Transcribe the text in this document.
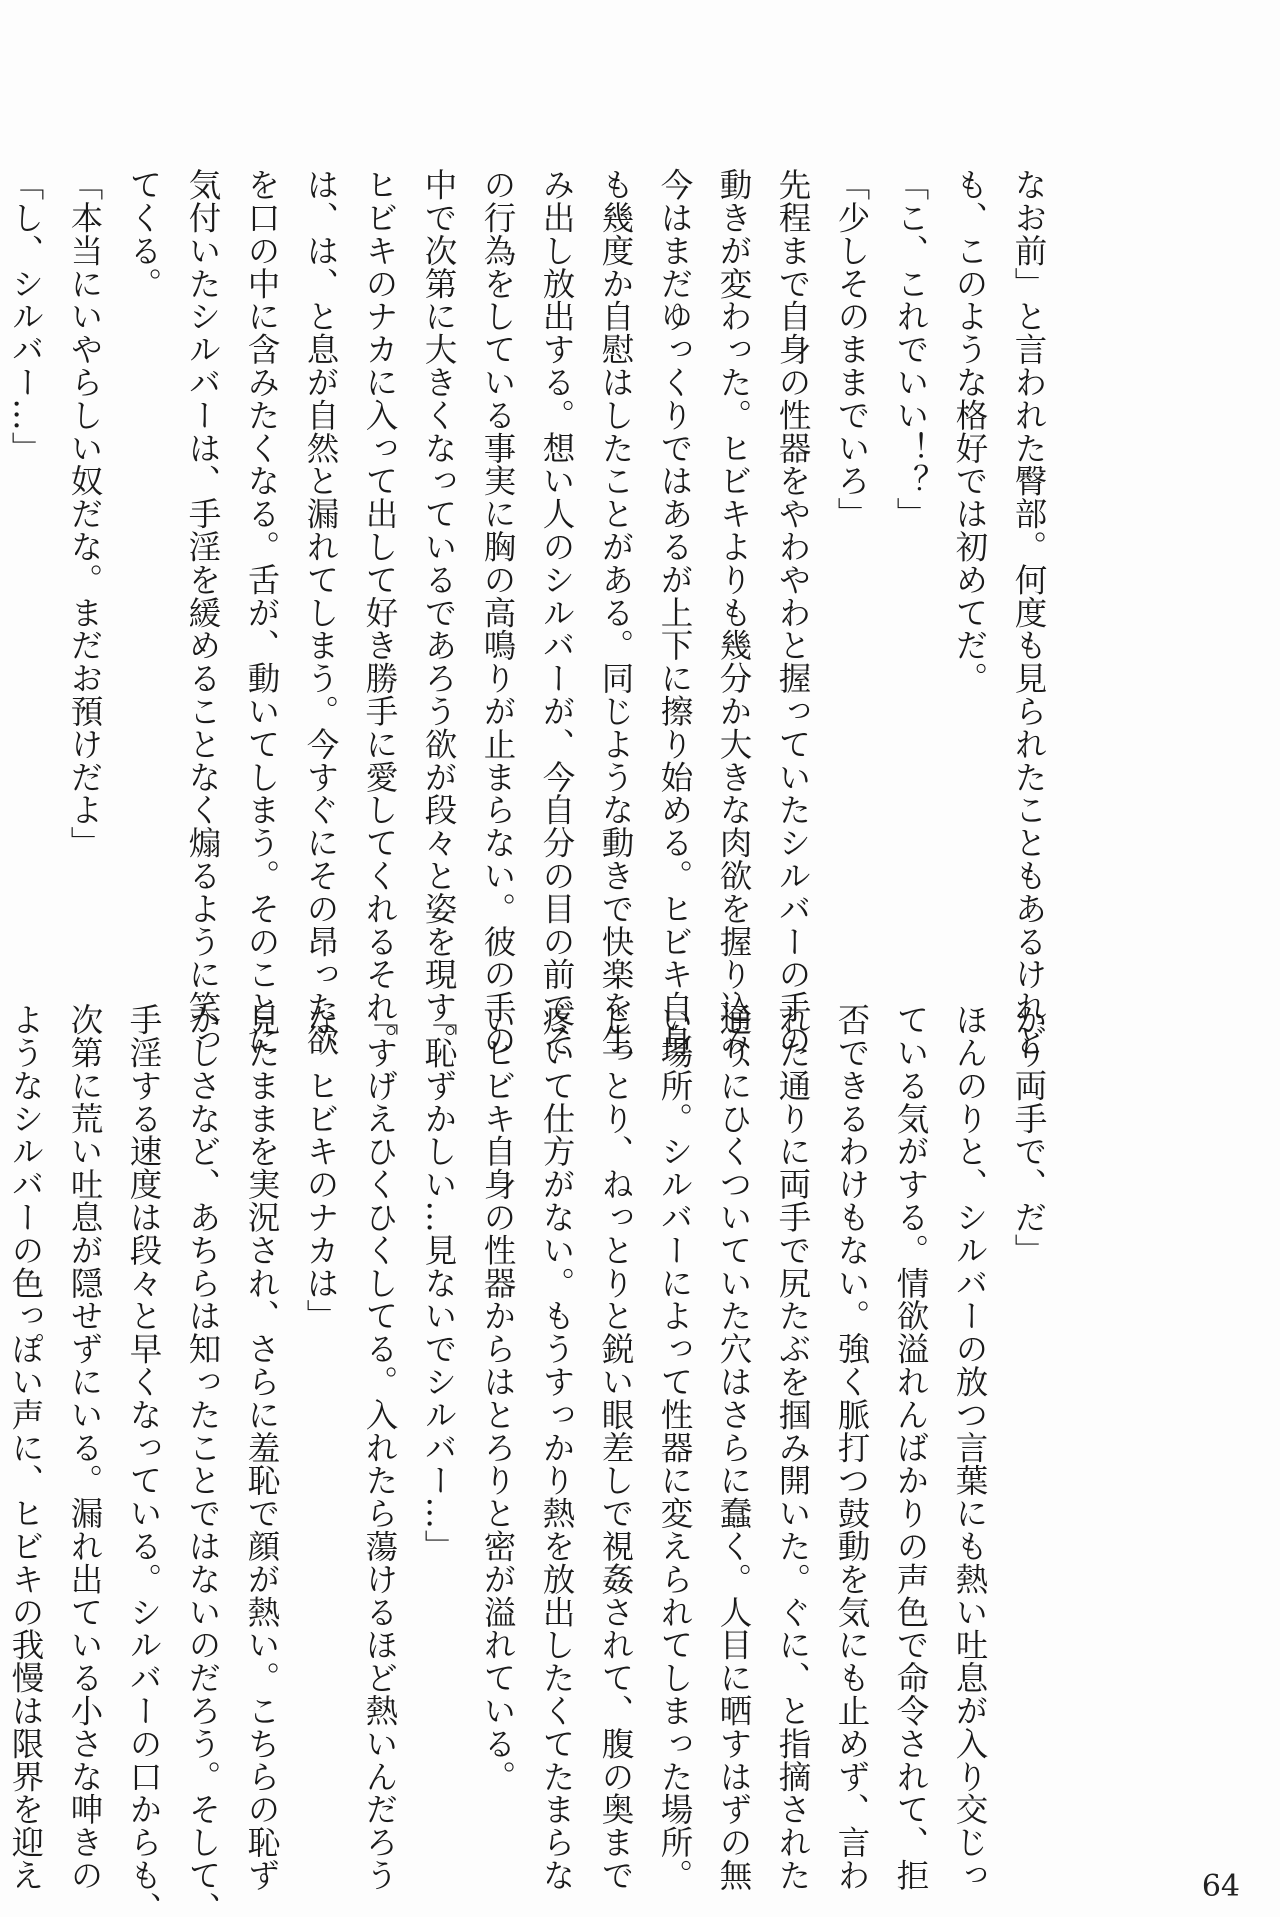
なお前」と言われた臀部。何度も見られたこともあるけれど
も、このような格好では初めてだ。
「こ、これでいい！？」
「少しそのままでいろ」
先程まで自身の性器をやわやわと握っていたシルバーの手の
動きが変わった。ヒビキよりも幾分か大きな肉欲を握り込み、
今はまだゆっくりではあるが上下に擦り始める。ヒビキ自身
も幾度か自慰はしたことがある。同じような動きで快楽を生
み出し放出する。想い人のシルバーが、今自分の目の前でそ
の行為をしている事実に胸の高鳴りが止まらない。彼の手の
中で次第に大きくなっているであろう欲が段々と姿を現す。
ヒビキのナカに入って出して好き勝手に愛してくれるそれ。
は、は、と息が自然と漏れてしまう。今すぐにその昂った欲
を口の中に含みたくなる。舌が、動いてしまう。そのことに
気付いたシルバーは、手淫を緩めることなく煽るように笑っ
てくる。
「本当にいやらしい奴だな。まだお預けだよ」
「し、シルバー…」
かり両手で、だ」
ほんのりと、シルバーの放つ言葉にも熱い吐息が入り交じっ
ている気がする。情欲溢れんばかりの声色で命令されて、拒
否できるわけもない。強く脈打つ鼓動を気にも止めず、言わ
れた通りに両手で尻たぶを掴み開いた。ぐに、と指摘された
通りにひくついていた穴はさらに蠢く。人目に晒すはずの無
い場所。シルバーによって性器に変えられてしまった場所。
じっとり、ねっとりと鋭い眼差しで視姦されて、腹の奥まで
疼いて仕方がない。もうすっかり熱を放出したくてたまらな
いヒビキ自身の性器からはとろりと密が溢れている。
「恥ずかしい…見ないでシルバー…」
「すげえひくひくしてる。入れたら蕩けるほど熱いんだろう
な、ヒビキのナカは」
見たままを実況され、さらに羞恥で顔が熱い。こちらの恥ず
かしさなど、あちらは知ったことではないのだろう。そして、
手淫する速度は段々と早くなっている。シルバーの口からも、
次第に荒い吐息が隠せずにいる。漏れ出ている小さな呻きの
ようなシルバーの色っぽい声に、ヒビキの我慢は限界を迎え	64
